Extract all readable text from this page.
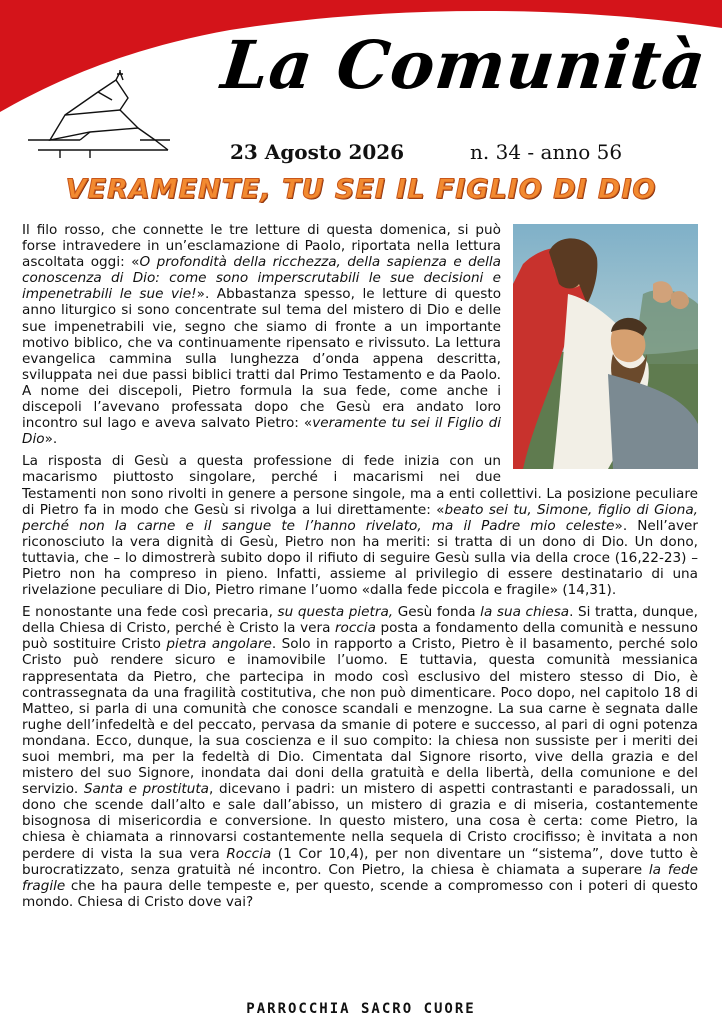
La Comunità
23 Agosto 2026	n. 34 - anno 56
VERAMENTE, TU SEI IL FIGLIO DI DIO

Il filo rosso, che connette le tre letture di questa domenica, si può forse intravedere in un’esclamazione di Paolo, riportata nella lettura ascoltata oggi: «O profondità della ricchezza, della sapienza e della conoscenza di Dio: come sono imperscrutabili le sue decisioni e impenetrabili le sue vie!». Abbastanza spesso, le letture di questo anno liturgico si sono concentrate sul tema del mistero di Dio e delle sue impenetrabili vie, segno che siamo di fronte a un importante motivo biblico, che va continuamente ripensato e rivissuto. La lettura evangelica cammina sulla lunghezza d’onda appena descritta, sviluppata nei due passi biblici tratti dal Primo Testamento e da Paolo. A nome dei discepoli, Pietro formula la sua fede, come anche i discepoli l’avevano professata dopo che Gesù era andato loro incontro sul lago e aveva salvato Pietro: «veramente tu sei il Figlio di Dio».

La risposta di Gesù a questa professione di fede inizia con un macarismo piuttosto singolare, perché i macarismi nei due Testamenti non sono rivolti in genere a persone singole, ma a enti collettivi. La posizione peculiare di Pietro fa in modo che Gesù si rivolga a lui direttamente: «beato sei tu, Simone, figlio di Giona, perché non la carne e il sangue te l’hanno rivelato, ma il Padre mio celeste». Nell’aver riconosciuto la vera dignità di Gesù, Pietro non ha meriti: si tratta di un dono di Dio. Un dono, tuttavia, che – lo dimostrerà subito dopo il rifiuto di seguire Gesù sulla via della croce (16,22-23) – Pietro non ha compreso in pieno. Infatti, assieme al privilegio di essere destinatario di una rivelazione peculiare di Dio, Pietro rimane l’uomo «dalla fede piccola e fragile» (14,31).

E nonostante una fede così precaria, su questa pietra, Gesù fonda la sua chiesa. Si tratta, dunque, della Chiesa di Cristo, perché è Cristo la vera roccia posta a fondamento della comunità e nessuno può sostituire Cristo pietra angolare. Solo in rapporto a Cristo, Pietro è il basamento, perché solo Cristo può rendere sicuro e inamovibile l’uomo. E tuttavia, questa comunità messianica rappresentata da Pietro, che partecipa in modo così esclusivo del mistero stesso di Dio, è contrassegnata da una fragilità costitutiva, che non può dimenticare. Poco dopo, nel capitolo 18 di Matteo, si parla di una comunità che conosce scandali e menzogne. La sua carne è segnata dalle rughe dell’infedeltà e del peccato, pervasa da smanie di potere e successo, al pari di ogni potenza mondana. Ecco, dunque, la sua coscienza e il suo compito: la chiesa non sussiste per i meriti dei suoi membri, ma per la fedeltà di Dio. Cimentata dal Signore risorto, vive della grazia e del mistero del suo Signore, inondata dai doni della gratuità e della libertà, della comunione e del servizio. Santa e prostituta, dicevano i padri: un mistero di aspetti contrastanti e paradossali, un dono che scende dall’alto e sale dall’abisso, un mistero di grazia e di miseria, costantemente bisognosa di misericordia e conversione. In questo mistero, una cosa è certa: come Pietro, la chiesa è chiamata a rinnovarsi costantemente nella sequela di Cristo crocifisso; è invitata a non perdere di vista la sua vera Roccia (1 Cor 10,4), per non diventare un “sistema”, dove tutto è burocratizzato, senza gratuità né incontro. Con Pietro, la chiesa è chiamata a superare la fede fragile che ha paura delle tempeste e, per questo, scende a compromesso con i poteri di questo mondo. Chiesa di Cristo dove vai?

PARROCCHIA SACRO CUORE
